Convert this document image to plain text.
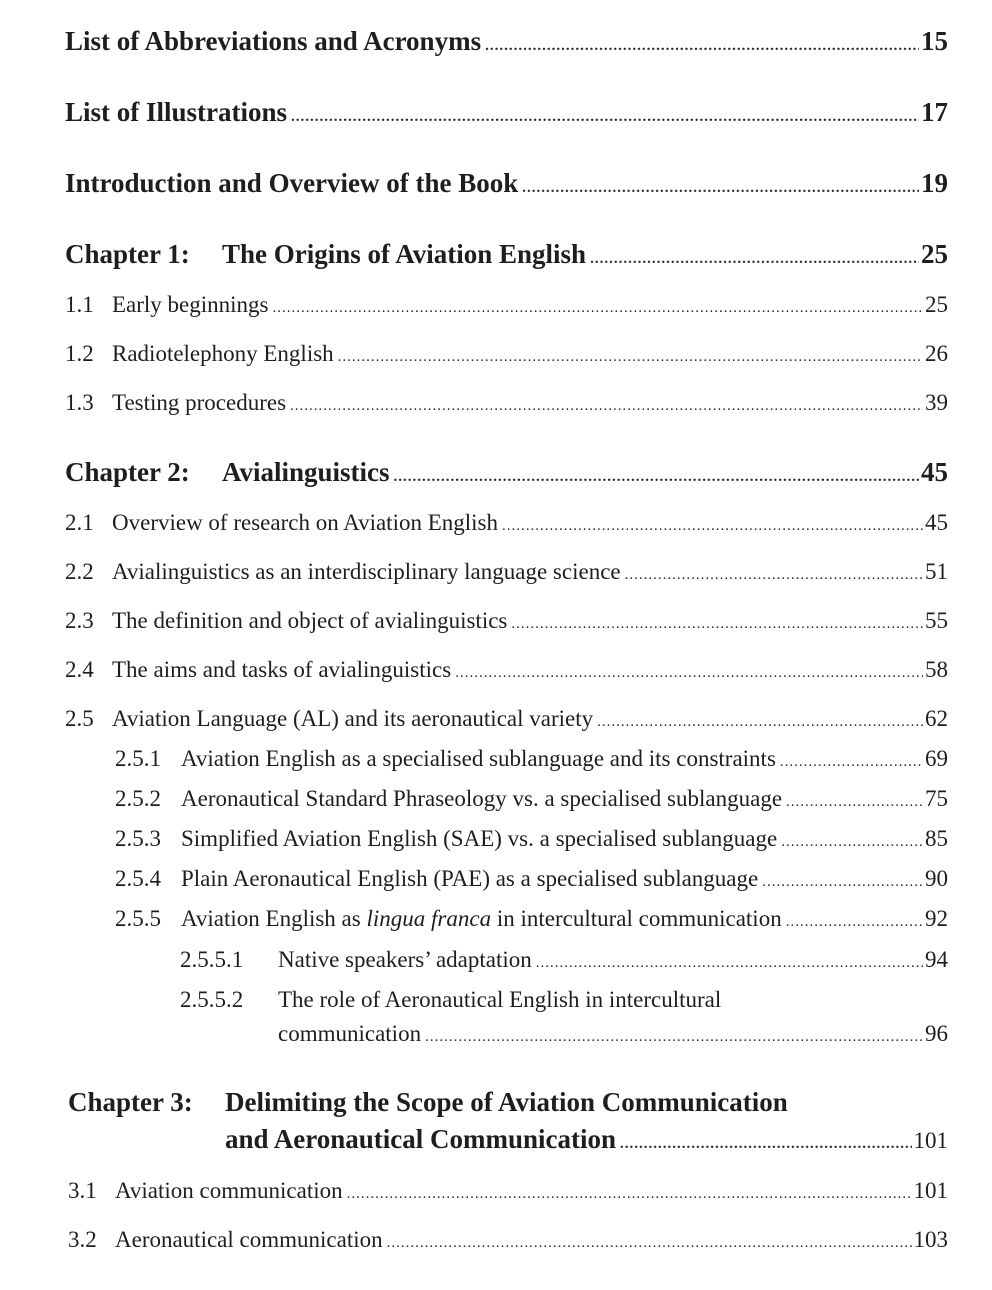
List of Abbreviations and Acronyms .....	15
List of Illustrations .....	17
Introduction and Overview of the Book .....	19
Chapter 1:	The Origins of Aviation English .....	25
1.1 Early beginnings .....	25
1.2 Radiotelephony English .....	26
1.3 Testing procedures .....	39
Chapter 2:	Avialinguistics .....	45
2.1 Overview of research on Aviation English .....	45
2.2 Avialinguistics as an interdisciplinary language science .....	51
2.3 The definition and object of avialinguistics .....	55
2.4 The aims and tasks of avialinguistics .....	58
2.5 Aviation Language (AL) and its aeronautical variety .....	62
2.5.1 Aviation English as a specialised sublanguage and its constraints .....	69
2.5.2 Aeronautical Standard Phraseology vs. a specialised sublanguage .....	75
2.5.3 Simplified Aviation English (SAE) vs. a specialised sublanguage .....	85
2.5.4 Plain Aeronautical English (PAE) as a specialised sublanguage .....	90
2.5.5 Aviation English as lingua franca in intercultural communication .....	92
2.5.5.1	Native speakers’ adaptation .....	94
2.5.5.2 The role of Aeronautical English in intercultural
communication .....	96
Chapter 3: Delimiting the Scope of Aviation Communication
and Aeronautical Communication .....	101
3.1 Aviation communication .....	101
3.2 Aeronautical communication .....	103
